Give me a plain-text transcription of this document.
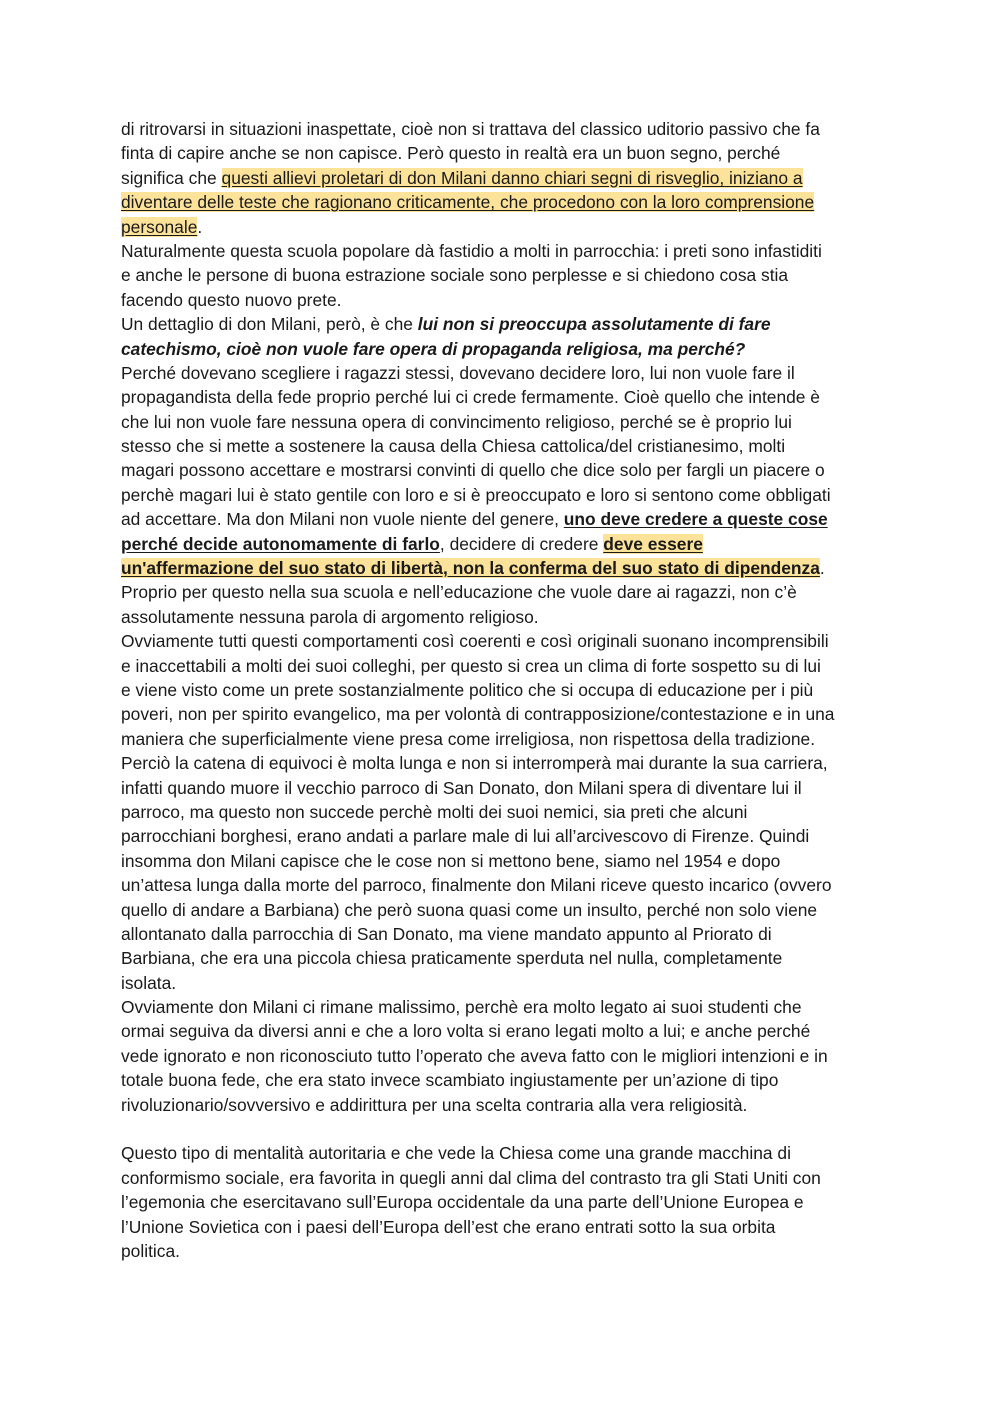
di ritrovarsi in situazioni inaspettate, cioè non si trattava del classico uditorio passivo che fa
finta di capire anche se non capisce. Però questo in realtà era un buon segno, perché
significa che questi allievi proletari di don Milani danno chiari segni di risveglio, iniziano a
diventare delle teste che ragionano criticamente, che procedono con la loro comprensione
personale.
Naturalmente questa scuola popolare dà fastidio a molti in parrocchia: i preti sono infastiditi
e anche le persone di buona estrazione sociale sono perplesse e si chiedono cosa stia
facendo questo nuovo prete.
Un dettaglio di don Milani, però, è che lui non si preoccupa assolutamente di fare
catechismo, cioè non vuole fare opera di propaganda religiosa, ma perché?
Perché dovevano scegliere i ragazzi stessi, dovevano decidere loro, lui non vuole fare il
propagandista della fede proprio perché lui ci crede fermamente. Cioè quello che intende è
che lui non vuole fare nessuna opera di convincimento religioso, perché se è proprio lui
stesso che si mette a sostenere la causa della Chiesa cattolica/del cristianesimo, molti
magari possono accettare e mostrarsi convinti di quello che dice solo per fargli un piacere o
perchè magari lui è stato gentile con loro e si è preoccupato e loro si sentono come obbligati
ad accettare. Ma don Milani non vuole niente del genere, uno deve credere a queste cose
perché decide autonomamente di farlo, decidere di credere deve essere
un'affermazione del suo stato di libertà, non la conferma del suo stato di dipendenza.
Proprio per questo nella sua scuola e nell’educazione che vuole dare ai ragazzi, non c’è
assolutamente nessuna parola di argomento religioso.
Ovviamente tutti questi comportamenti così coerenti e così originali suonano incomprensibili
e inaccettabili a molti dei suoi colleghi, per questo si crea un clima di forte sospetto su di lui
e viene visto come un prete sostanzialmente politico che si occupa di educazione per i più
poveri, non per spirito evangelico, ma per volontà di contrapposizione/contestazione e in una
maniera che superficialmente viene presa come irreligiosa, non rispettosa della tradizione.
Perciò la catena di equivoci è molta lunga e non si interromperà mai durante la sua carriera,
infatti quando muore il vecchio parroco di San Donato, don Milani spera di diventare lui il
parroco, ma questo non succede perchè molti dei suoi nemici, sia preti che alcuni
parrocchiani borghesi, erano andati a parlare male di lui all’arcivescovo di Firenze. Quindi
insomma don Milani capisce che le cose non si mettono bene, siamo nel 1954 e dopo
un’attesa lunga dalla morte del parroco, finalmente don Milani riceve questo incarico (ovvero
quello di andare a Barbiana) che però suona quasi come un insulto, perché non solo viene
allontanato dalla parrocchia di San Donato, ma viene mandato appunto al Priorato di
Barbiana, che era una piccola chiesa praticamente sperduta nel nulla, completamente
isolata.
Ovviamente don Milani ci rimane malissimo, perchè era molto legato ai suoi studenti che
ormai seguiva da diversi anni e che a loro volta si erano legati molto a lui; e anche perché
vede ignorato e non riconosciuto tutto l’operato che aveva fatto con le migliori intenzioni e in
totale buona fede, che era stato invece scambiato ingiustamente per un’azione di tipo
rivoluzionario/sovversivo e addirittura per una scelta contraria alla vera religiosità.
Questo tipo di mentalità autoritaria e che vede la Chiesa come una grande macchina di
conformismo sociale, era favorita in quegli anni dal clima del contrasto tra gli Stati Uniti con
l’egemonia che esercitavano sull’Europa occidentale da una parte dell’Unione Europea e
l’Unione Sovietica con i paesi dell’Europa dell’est che erano entrati sotto la sua orbita
politica.
